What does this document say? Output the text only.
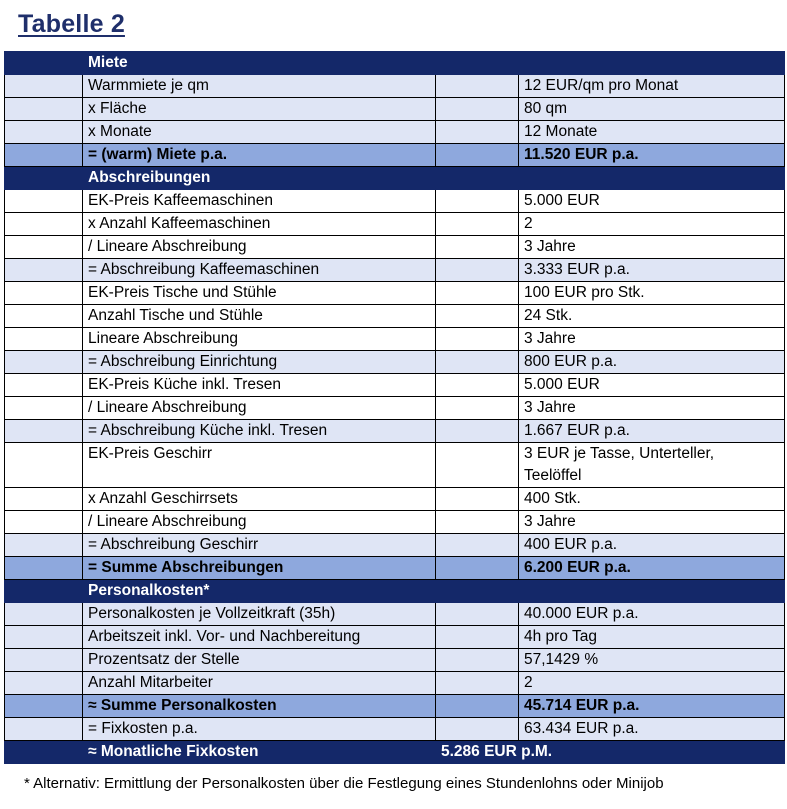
Tabelle 2
	Miete		
	Warmmiete je qm		12 EUR/qm pro Monat
	x Fläche		80 qm
	x Monate		12 Monate
	= (warm) Miete p.a.		11.520 EUR p.a.
	Abschreibungen		
	EK-Preis Kaffeemaschinen		5.000 EUR
	x Anzahl Kaffeemaschinen		2
	/ Lineare Abschreibung		3 Jahre
	= Abschreibung Kaffeemaschinen		3.333 EUR p.a.
	EK-Preis Tische und Stühle		100 EUR pro Stk.
	Anzahl Tische und Stühle		24 Stk.
	Lineare Abschreibung		3 Jahre
	= Abschreibung Einrichtung		800 EUR p.a.
	EK-Preis Küche inkl. Tresen		5.000 EUR
	/ Lineare Abschreibung		3 Jahre
	= Abschreibung Küche inkl. Tresen		1.667 EUR p.a.
	EK-Preis Geschirr		3 EUR je Tasse, Unterteller, Teelöffel
	x Anzahl Geschirrsets		400 Stk.
	/ Lineare Abschreibung		3 Jahre
	= Abschreibung Geschirr		400 EUR p.a.
	= Summe Abschreibungen		6.200 EUR p.a.
	Personalkosten*		
	Personalkosten je Vollzeitkraft (35h)		40.000 EUR p.a.
	Arbeitszeit inkl. Vor- und Nachbereitung		4h pro Tag
	Prozentsatz der Stelle		57,1429 %
	Anzahl Mitarbeiter		2
	≈ Summe Personalkosten		45.714 EUR p.a.
	= Fixkosten p.a.		63.434 EUR p.a.
	≈ Monatliche Fixkosten	5.286 EUR p.M.	
* Alternativ: Ermittlung der Personalkosten über die Festlegung eines Stundenlohns oder Minijob
